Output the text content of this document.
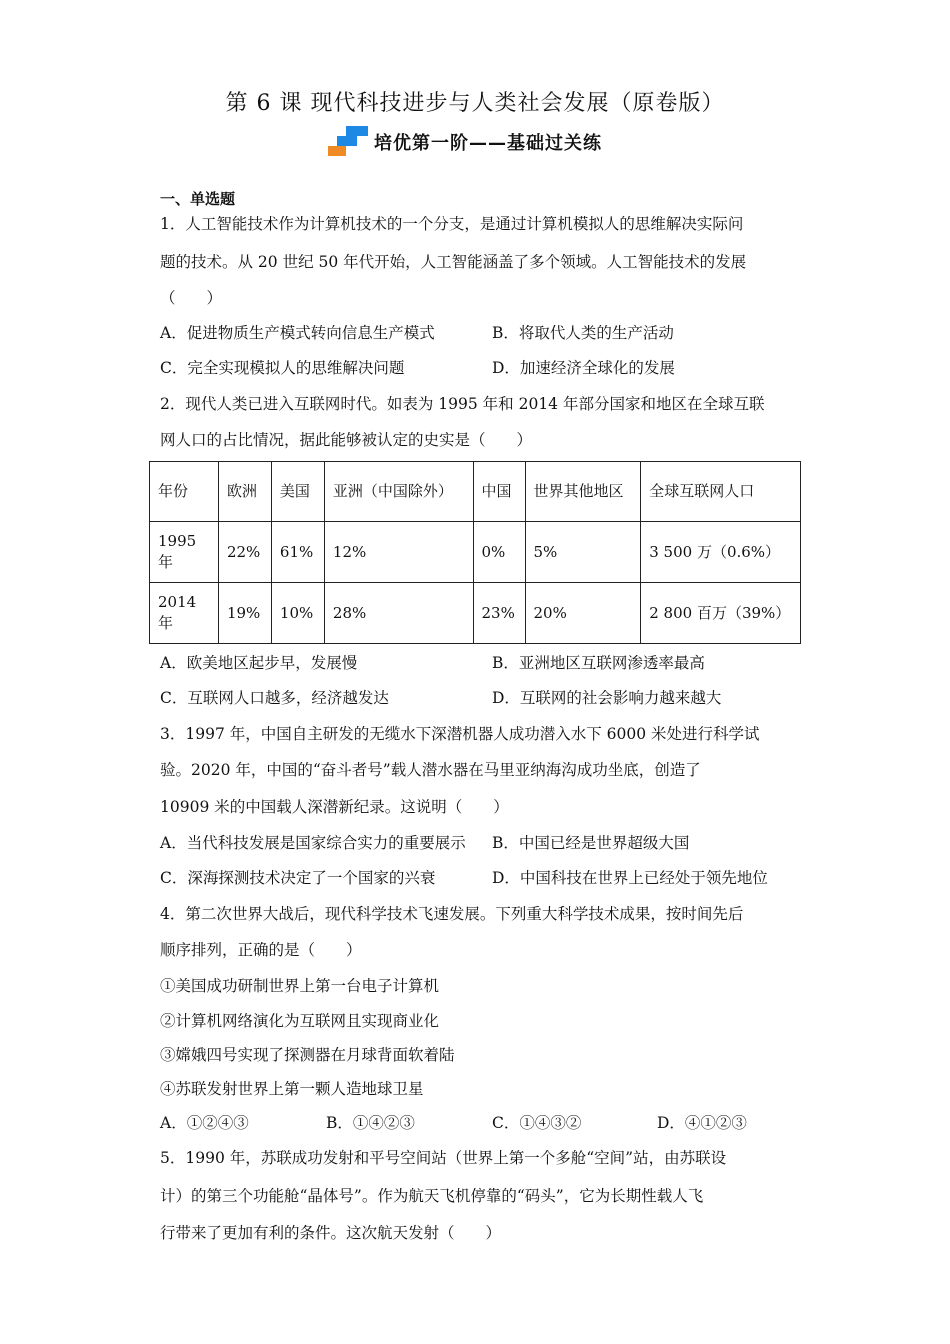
第 6 课 现代科技进步与人类社会发展（原卷版）
培优第一阶——基础过关练
一、单选题
1．人工智能技术作为计算机技术的一个分支，是通过计算机模拟人的思维解决实际问
题的技术。从 20 世纪 50 年代开始，人工智能涵盖了多个领域。人工智能技术的发展
（　　）
A．促进物质生产模式转向信息生产模式	B．将取代人类的生产活动
C．完全实现模拟人的思维解决问题	D．加速经济全球化的发展
2．现代人类已进入互联网时代。如表为 1995 年和 2014 年部分国家和地区在全球互联
网人口的占比情况，据此能够被认定的史实是（　　）
年份	欧洲	美国	亚洲（中国除外）	中国	世界其他地区	全球互联网人口
1995 年	22%	61%	12%	0%	5%	3 500 万（0.6%）
2014 年	19%	10%	28%	23%	20%	2 800 百万（39%）
A．欧美地区起步早，发展慢	B．亚洲地区互联网渗透率最高
C．互联网人口越多，经济越发达	D．互联网的社会影响力越来越大
3．1997 年，中国自主研发的无缆水下深潜机器人成功潜入水下 6000 米处进行科学试
验。2020 年，中国的“奋斗者号”载人潜水器在马里亚纳海沟成功坐底，创造了
10909 米的中国载人深潜新纪录。这说明（　　）
A．当代科技发展是国家综合实力的重要展示 B．中国已经是世界超级大国
C．深海探测技术决定了一个国家的兴衰	D．中国科技在世界上已经处于领先地位
4．第二次世界大战后，现代科学技术飞速发展。下列重大科学技术成果，按时间先后
顺序排列，正确的是（　　）
①美国成功研制世界上第一台电子计算机
②计算机网络演化为互联网且实现商业化
③嫦娥四号实现了探测器在月球背面软着陆
④苏联发射世界上第一颗人造地球卫星
A．①②④③	B．①④②③	C．①④③②	D．④①②③
5．1990 年，苏联成功发射和平号空间站（世界上第一个多舱“空间”站，由苏联设
计）的第三个功能舱“晶体号”。作为航天飞机停靠的“码头”，它为长期性载人飞
行带来了更加有利的条件。这次航天发射（　　）
